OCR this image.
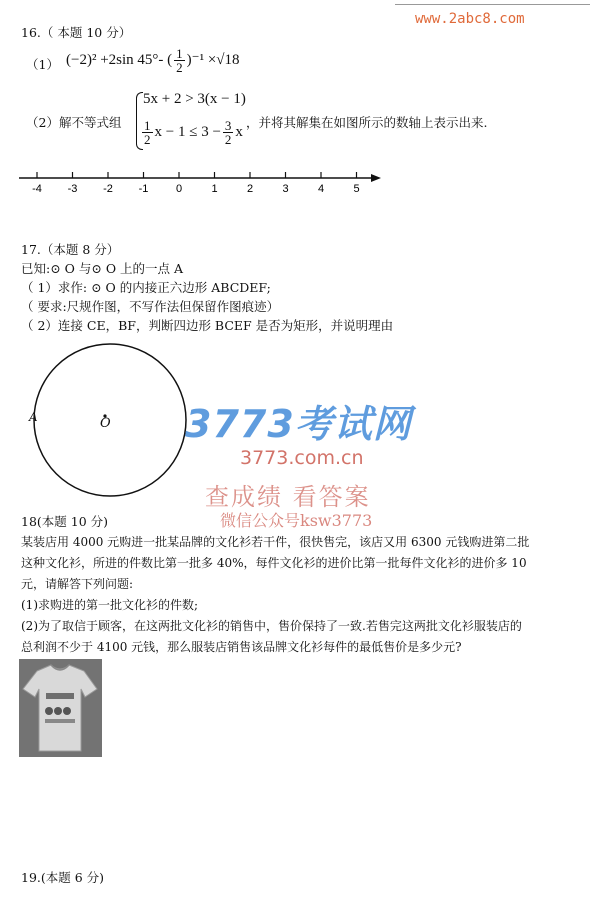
www.2abc8.com
16.（ 本题 10 分）
（1） (−2)² +2sin 45°- ( $\frac{1}{2} )^{-1} \times√18$
（2）解不等式组
5x + 2 > 3(x − 1)
$\frac{1}{2}$ $x - 1 \le 3 - \frac{3}{2}$ x
，并将其解集在如图所示的数轴上表示出来.
-4 -3 -2 -1	0	1	2	3	4	5
17.（本题 8 分）
已知:⊙ O 与⊙ O 上的一点 A
（ 1）求作: ⊙ O 的内接正六边形 ABCDEF;
（ 要求:尺规作图，不写作法但保留作图痕迹）
（ 2）连接 CE，BF，判断四边形 BCEF 是否为矩形，并说明理由
A	O 3773考试网
3773.com.cn
查成绩 看答案
微信公众号ksw3773
18(本题 10 分)
某装店用 4000 元购进一批某品牌的文化衫若干件，很快售完，该店又用 6300 元钱购进第二批
这种文化衫，所进的件数比第一批多 40%，每件文化衫的进价比第一批每件文化衫的进价多 10
元，请解答下列问题:
(1)求购进的第一批文化衫的件数;
(2)为了取信于顾客，在这两批文化衫的销售中，售价保持了一致.若售完这两批文化衫服装店的
总利润不少于 4100 元钱，那么服装店销售该品牌文化衫每件的最低售价是多少元?
19.(本题 6 分)
